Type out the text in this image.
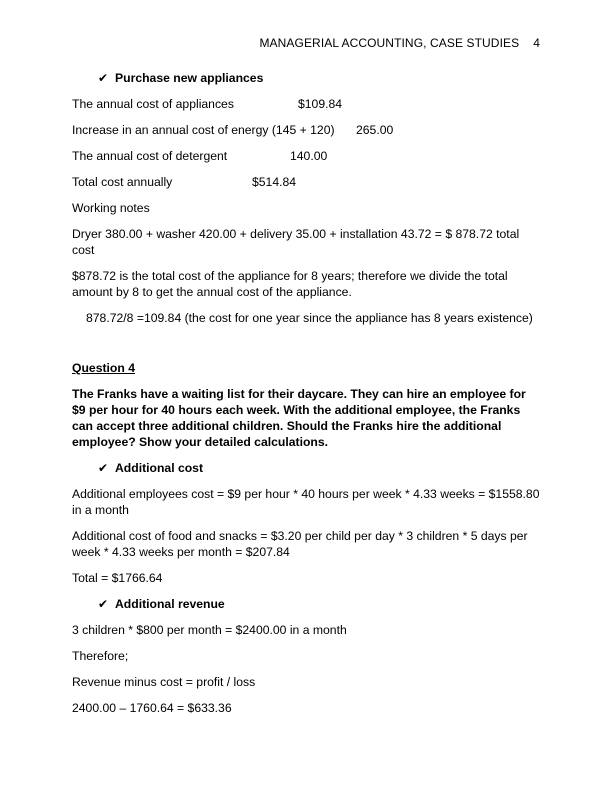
MANAGERIAL ACCOUNTING, CASE STUDIES 4
✔ Purchase new appliances
The annual cost of appliances	$109.84
Increase in an annual cost of energy (145 + 120)	265.00
The annual cost of detergent	140.00
Total cost annually	$514.84
Working notes
Dryer 380.00 + washer 420.00 + delivery 35.00 + installation 43.72 = $ 878.72 total cost
$878.72 is the total cost of the appliance for 8 years; therefore we divide the total amount by 8 to get the annual cost of the appliance.
878.72/8 =109.84 (the cost for one year since the appliance has 8 years existence)
Question 4
The Franks have a waiting list for their daycare. They can hire an employee for $9 per hour for 40 hours each week. With the additional employee, the Franks can accept three additional children. Should the Franks hire the additional employee? Show your detailed calculations.
✔ Additional cost
Additional employees cost = $9 per hour * 40 hours per week * 4.33 weeks = $1558.80 in a month
Additional cost of food and snacks = $3.20 per child per day * 3 children * 5 days per week * 4.33 weeks per month = $207.84
Total = $1766.64
✔ Additional revenue
3 children * $800 per month = $2400.00 in a month
Therefore;
Revenue minus cost = profit / loss
2400.00 – 1760.64 = $633.36
